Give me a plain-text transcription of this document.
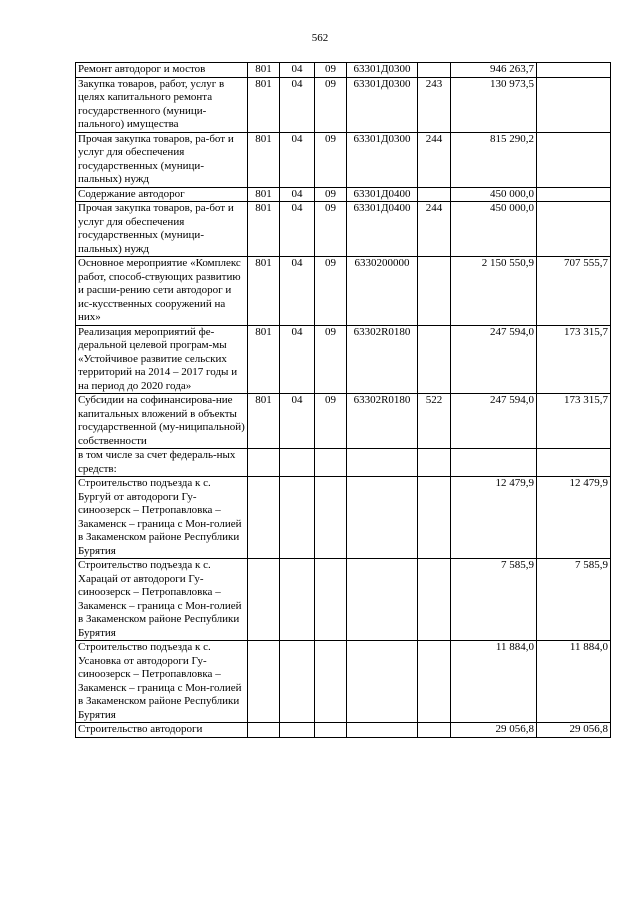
562
Ремонт автодорог и мостов	801	04	09	63301Д0300		946 263,7	
Закупка товаров, работ, услуг в целях капитального ремонта государственного (муници-пального) имущества	801	04	09	63301Д0300	243	130 973,5	
Прочая закупка товаров, ра-бот и услуг для обеспечения государственных (муници-пальных) нужд	801	04	09	63301Д0300	244	815 290,2	
Содержание автодорог	801	04	09	63301Д0400		450 000,0	
Прочая закупка товаров, ра-бот и услуг для обеспечения государственных (муници-пальных) нужд	801	04	09	63301Д0400	244	450 000,0	
Основное мероприятие «Комплекс работ, способ-ствующих развитию и расши-рению сети автодорог и ис-кусственных сооружений на них»	801	04	09	6330200000		2 150 550,9	707 555,7
Реализация мероприятий фе-деральной целевой програм-мы «Устойчивое развитие сельских территорий на 2014 – 2017 годы и на период до 2020 года»	801	04	09	63302R0180		247 594,0	173 315,7
Субсидии на софинансирова-ние капитальных вложений в объекты государственной (му-ниципальной) собственности	801	04	09	63302R0180	522	247 594,0	173 315,7
в том числе за счет федераль-ных средств:							
Строительство подъезда к с. Бургуй от автодороги Гу-синоозерск – Петропавловка – Закаменск – граница с Мон-голией в Закаменском районе Республики Бурятия						12 479,9	12 479,9
Строительство подъезда к с. Харацай от автодороги Гу-синоозерск – Петропавловка – Закаменск – граница с Мон-голией в Закаменском районе Республики Бурятия						7 585,9	7 585,9
Строительство подъезда к с. Усановка от автодороги Гу-синоозерск – Петропавловка – Закаменск – граница с Мон-голией в Закаменском районе Республики Бурятия						11 884,0	11 884,0
Строительство автодороги						29 056,8	29 056,8
